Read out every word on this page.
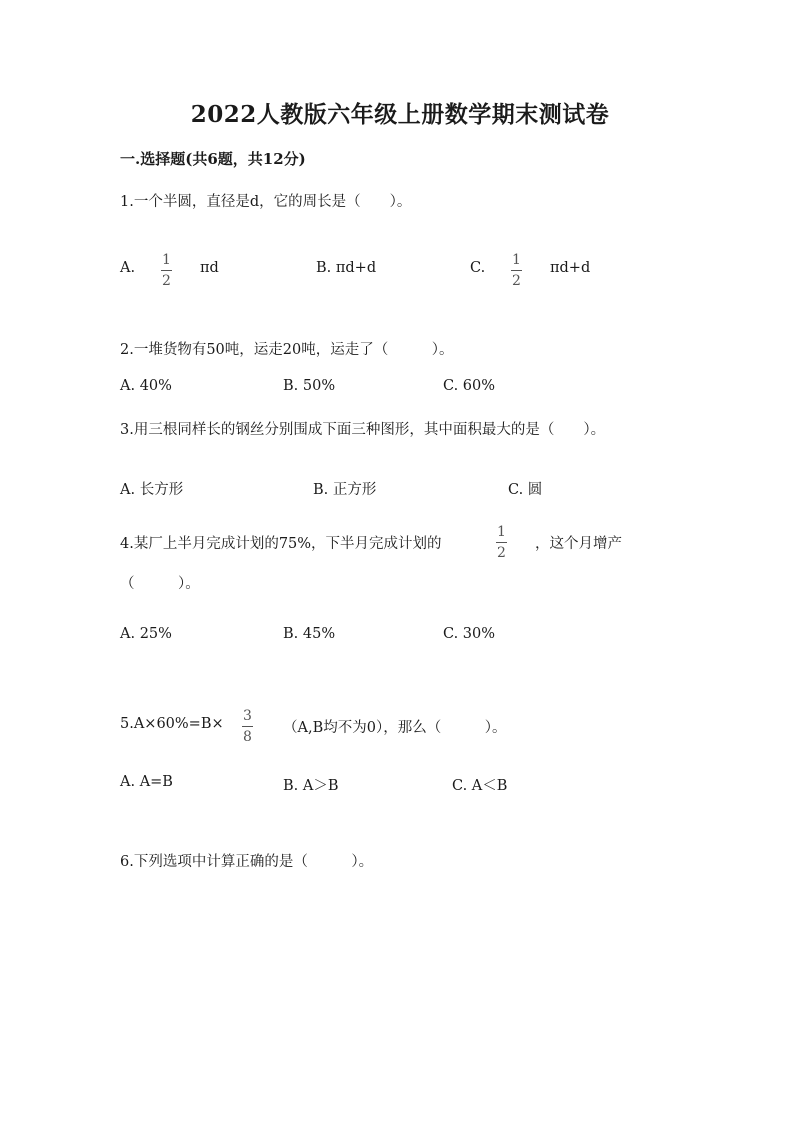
2022人教版六年级上册数学期末测试卷
一.选择题(共6题，共12分)
1.一个半圆，直径是d，它的周长是（　　）。
A. 1
2
πd	B. πd+d	C. 1
2
πd+d
2.一堆货物有50吨，运走20吨，运走了（　　　）。
A. 40%	B. 50%	C. 60%
3.用三根同样长的钢丝分别围成下面三种图形，其中面积最大的是（　　）。
A. 长方形	B. 正方形	C. 圆
4.某厂上半月完成计划的75%，下半月完成计划的
1
2
，这个月增产
（　　　）。
A. 25%	B. 45%	C. 30%
5.A×60%=B× 3
8
（A,B均不为0），那么（　　　）。
A. A=B	B. A＞B	C. A＜B
6.下列选项中计算正确的是（　　　）。
